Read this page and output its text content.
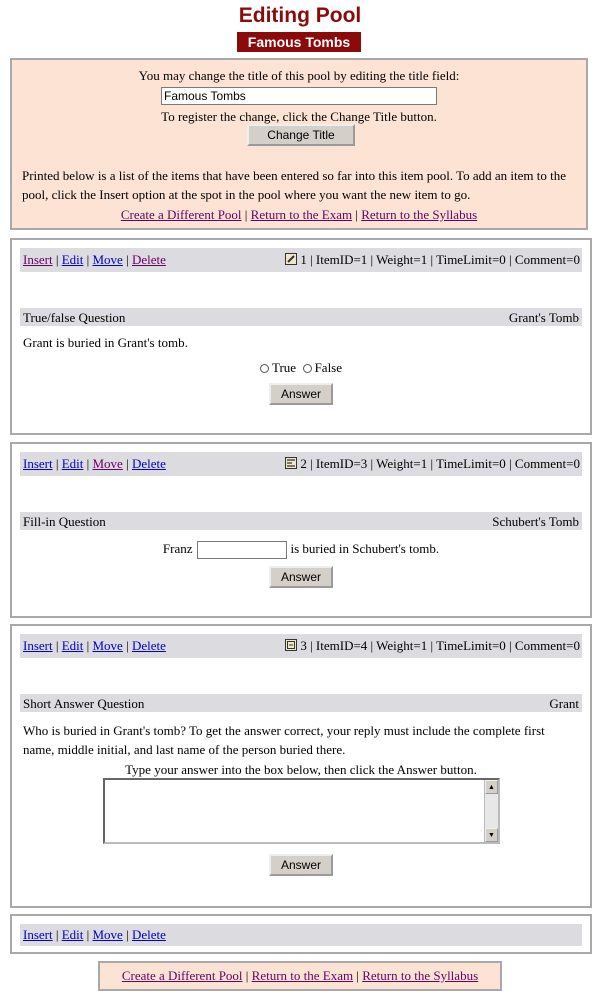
Editing Pool
Famous Tombs
You may change the title of this pool by editing the title field:
Famous Tombs
To register the change, click the Change Title button.
Change Title
Printed below is a list of the items that have been entered so far into this item pool. To add an item to the pool, click the Insert option at the spot in the pool where you want the new item to go.
Create a Different Pool | Return to the Exam | Return to the Syllabus
Insert | Edit | Move | Delete	1 | ItemID=1 | Weight=1 | TimeLimit=0 | Comment=0
True/false Question	Grant's Tomb
Grant is buried in Grant's tomb.
True False
Answer
Insert | Edit | Move | Delete	2 | ItemID=3 | Weight=1 | TimeLimit=0 | Comment=0
Fill-in Question	Schubert's Tomb
Franz	is buried in Schubert's tomb.
Answer
Insert | Edit | Move | Delete	3 | ItemID=4 | Weight=1 | TimeLimit=0 | Comment=0
Short Answer Question	Grant
Who is buried in Grant's tomb? To get the answer correct, your reply must include the complete first name, middle initial, and last name of the person buried there.
Type your answer into the box below, then click the Answer button.
▲
▼
Answer
Insert | Edit | Move | Delete
Create a Different Pool | Return to the Exam | Return to the Syllabus
